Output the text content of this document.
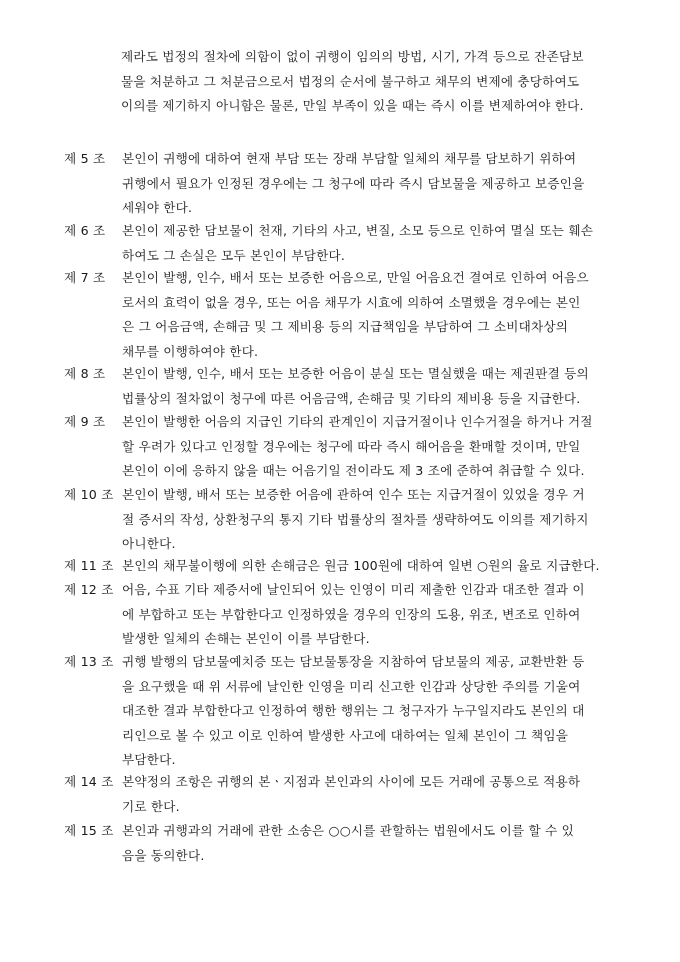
제라도 법정의 절차에 의함이 없이 귀행이 임의의 방법, 시기, 가격 등으로 잔존담보
물을 처분하고 그 처분금으로서 법정의 순서에 불구하고 채무의 변제에 충당하여도
이의를 제기하지 아니함은 물론, 만일 부족이 있을 때는 즉시 이를 변제하여야 한다.
제 5 조	본인이 귀행에 대하여 현재 부담 또는 장래 부담할 일체의 채무를 담보하기 위하여
귀행에서 필요가 인정된 경우에는 그 청구에 따라 즉시 담보물을 제공하고 보증인을
세워야 한다.
제 6 조	본인이 제공한 담보물이 천재, 기타의 사고, 변질, 소모 등으로 인하여 멸실 또는 훼손
하여도 그 손실은 모두 본인이 부담한다.
제 7 조	본인이 발행, 인수, 배서 또는 보증한 어음으로, 만일 어음요건 결여로 인하여 어음으
로서의 효력이 없을 경우, 또는 어음 채무가 시효에 의하여 소멸했을 경우에는 본인
은 그 어음금액, 손해금 및 그 제비용 등의 지급책임을 부담하여 그 소비대차상의
채무를 이행하여야 한다.
제 8 조	본인이 발행, 인수, 배서 또는 보증한 어음이 분실 또는 멸실했을 때는 제권판결 등의
법률상의 절차없이 청구에 따른 어음금액, 손해금 및 기타의 제비용 등을 지급한다.
제 9 조	본인이 발행한 어음의 지급인 기타의 관계인이 지급거절이나 인수거절을 하거나 거절
할 우려가 있다고 인정할 경우에는 청구에 따라 즉시 해어음을 환매할 것이며, 만일
본인이 이에 응하지 않을 때는 어음기일 전이라도 제 3 조에 준하여 취급할 수 있다.
제 10 조 본인이 발행, 배서 또는 보증한 어음에 관하여 인수 또는 지급거절이 있었을 경우 거
절 증서의 작성, 상환청구의 통지 기타 법률상의 절차를 생략하여도 이의를 제기하지
아니한다.
제 11 조 본인의 채무불이행에 의한 손해금은 원금 100원에 대하여 일변 ○원의 율로 지급한다.
제 12 조 어음, 수표 기타 제증서에 날인되어 있는 인영이 미리 제출한 인감과 대조한 결과 이
에 부합하고 또는 부합한다고 인정하였을 경우의 인장의 도용, 위조, 변조로 인하여
발생한 일체의 손해는 본인이 이를 부담한다.
제 13 조 귀행 발행의 담보물예치증 또는 담보물통장을 지참하여 담보물의 제공, 교환반환 등
을 요구했을 때 위 서류에 날인한 인영을 미리 신고한 인감과 상당한 주의를 기울여
대조한 결과 부합한다고 인정하여 행한 행위는 그 청구자가 누구일지라도 본인의 대
리인으로 볼 수 있고 이로 인하여 발생한 사고에 대하여는 일체 본인이 그 책임을
부담한다.
제 14 조 본약정의 조항은 귀행의 본ㆍ지점과 본인과의 사이에 모든 거래에 공통으로 적용하
기로 한다.
제 15 조 본인과 귀행과의 거래에 관한 소송은 ○○시를 관할하는 법원에서도 이를 할 수 있
음을 동의한다.
